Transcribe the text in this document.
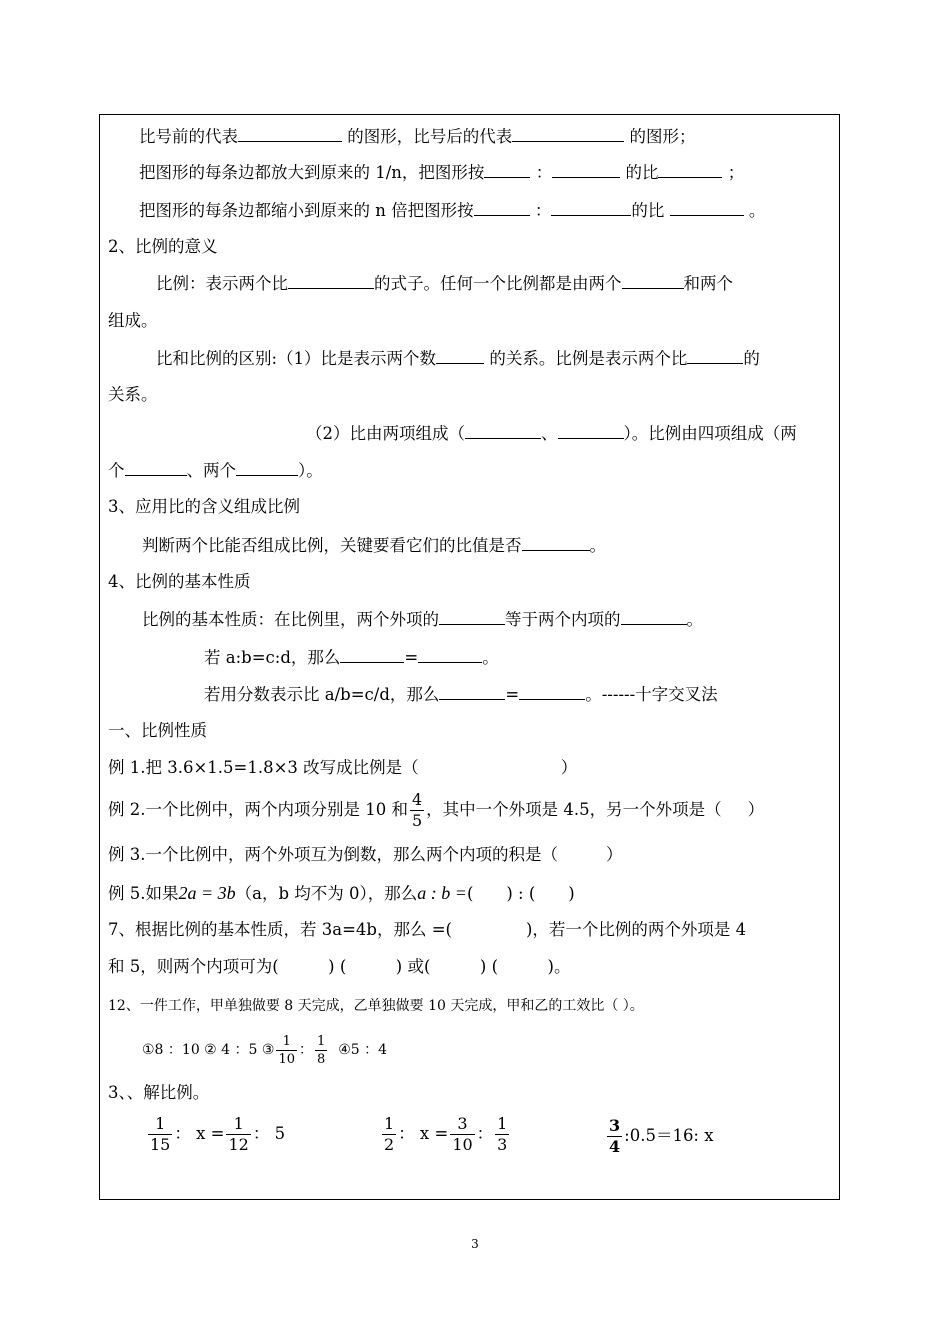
比号前的代表	的图形，比号后的代表	的图形；
把图形的每条边都放大到原来的 1/n，把图形按	：	的比	；
把图形的每条边都缩小到原来的 n 倍把图形按	：	的比	。
2、比例的意义
比例：表示两个比	的式子。任何一个比例都是由两个	和两个
组成。
比和比例的区别:（1）比是表示两个数	的关系。比例是表示两个比	的
关系。
（2）比由两项组成（	、	）。比例由四项组成（两
个	、两个	）。
3、应用比的含义组成比例
判断两个比能否组成比例，关键要看它们的比值是否	。
4、比例的基本性质
比例的基本性质：在比例里，两个外项的	等于两个内项的	。
若 a:b=c:d，那么	=	。
若用分数表示比 a/b=c/d，那么	=	。------十字交叉法
一、比例性质
例 1.把 3.6×1.5=1.8×3 改写成比例是（	）
例 2.一个比例中，两个内项分别是 10 和 $\frac{4}{5}$ ，其中一个外项是 4.5，另一个外项是（ ）
例 3.一个比例中，两个外项互为倒数，那么两个内项的积是（	）
例 5.如果2a = 3b（a，b 均不为 0），那么a : b =(　　) : (　　)
7、根据比例的基本性质，若 3a=4b，那么 =(	)，若一个比例的两个外项是 4
和 5，则两个内项可为(　　　) (　　　) 或(　　　) (　　　)。
12、一件工作，甲单独做要 8 天完成，乙单独做要 10 天完成，甲和乙的工效比（ ）。
①8 ：10 ② 4 ：5 ③ $\frac{1}{10}$ ： $\frac{1}{8}$ ④5 ：4
3、、解比例。
$\frac{1}{15}$ ： $x = \frac{1}{12}$ ： 5	$\frac{1}{2}$ ： $x = \frac{3}{10}$ ： $\frac{1}{3}$	$\frac{3}{4}$ :0.5＝16: x
3
